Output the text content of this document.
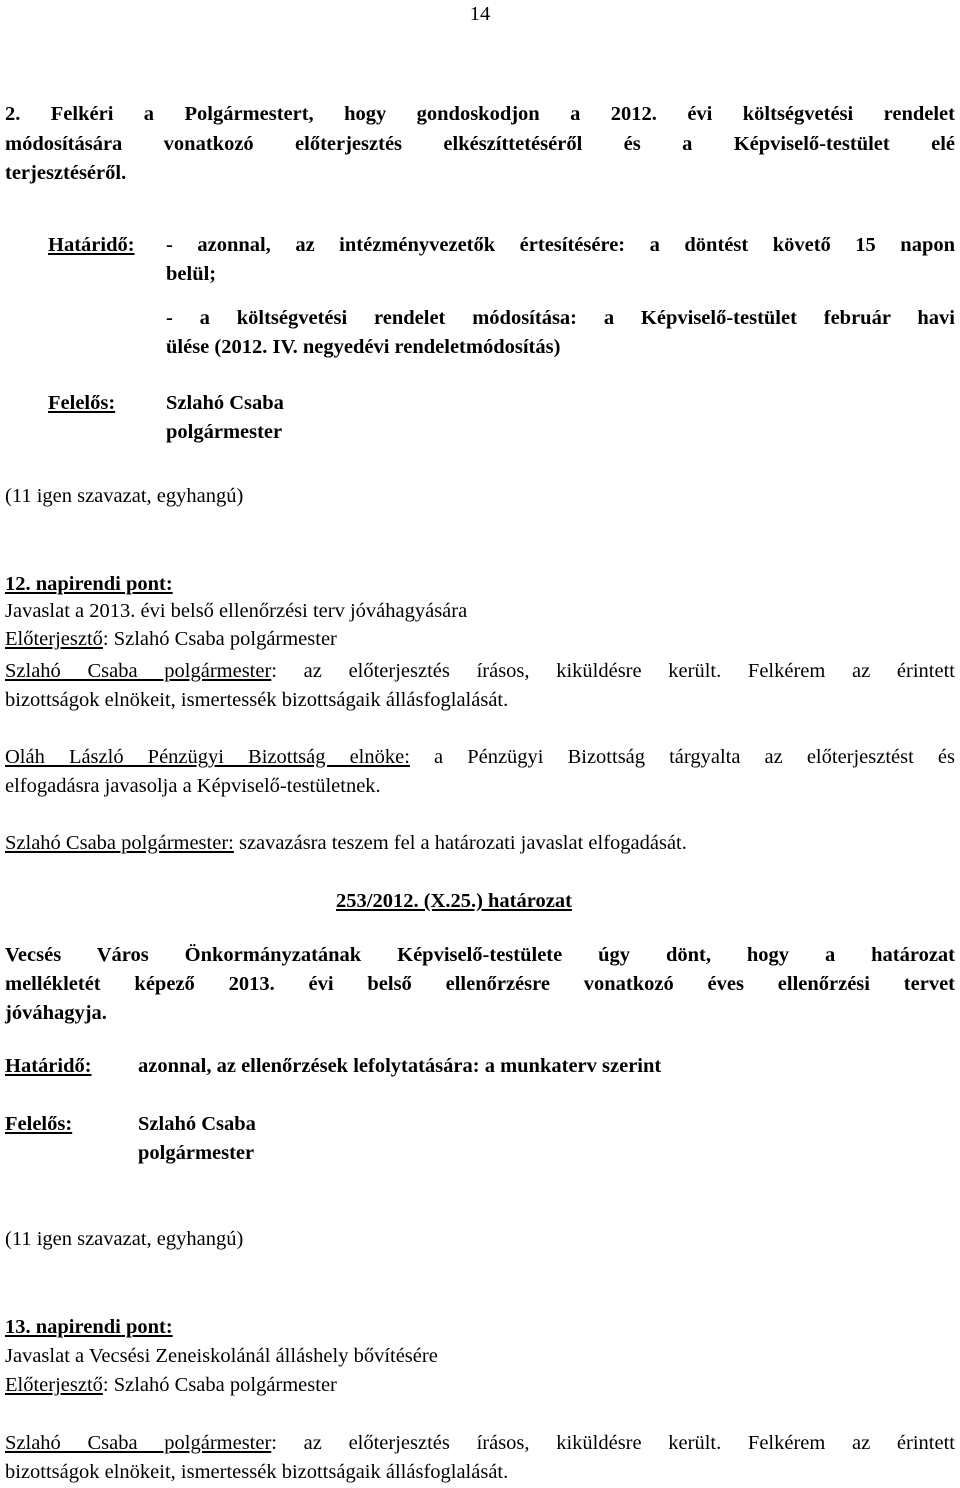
14
2. Felkéri a Polgármestert, hogy gondoskodjon a 2012. évi költségvetési rendelet
módosítására vonatkozó előterjesztés elkészíttetéséről és a Képviselő-testület elé
terjesztéséről.
Határidő: - azonnal, az intézményvezetők értesítésére: a döntést követő 15 napon
belül;
- a költségvetési rendelet módosítása: a Képviselő-testület február havi
ülése (2012. IV. negyedévi rendeletmódosítás)
Felelős: Szlahó Csaba
polgármester
(11 igen szavazat, egyhangú)
12. napirendi pont:
Javaslat a 2013. évi belső ellenőrzési terv jóváhagyására
Előterjesztő: Szlahó Csaba polgármester
Szlahó Csaba polgármester: az előterjesztés írásos, kiküldésre került. Felkérem az érintett
bizottságok elnökeit, ismertessék bizottságaik állásfoglalását.
Oláh László Pénzügyi Bizottság elnöke: a Pénzügyi Bizottság tárgyalta az előterjesztést és
elfogadásra javasolja a Képviselő-testületnek.
Szlahó Csaba polgármester: szavazásra teszem fel a határozati javaslat elfogadását.
253/2012. (X.25.) határozat
Vecsés Város Önkormányzatának Képviselő-testülete úgy dönt, hogy a határozat
mellékletét képező 2013. évi belső ellenőrzésre vonatkozó éves ellenőrzési tervet
jóváhagyja.
Határidő: azonnal, az ellenőrzések lefolytatására: a munkaterv szerint
Felelős:	Szlahó Csaba
polgármester
(11 igen szavazat, egyhangú)
13. napirendi pont:
Javaslat a Vecsési Zeneiskolánál álláshely bővítésére
Előterjesztő: Szlahó Csaba polgármester
Szlahó Csaba polgármester: az előterjesztés írásos, kiküldésre került. Felkérem az érintett
bizottságok elnökeit, ismertessék bizottságaik állásfoglalását.
